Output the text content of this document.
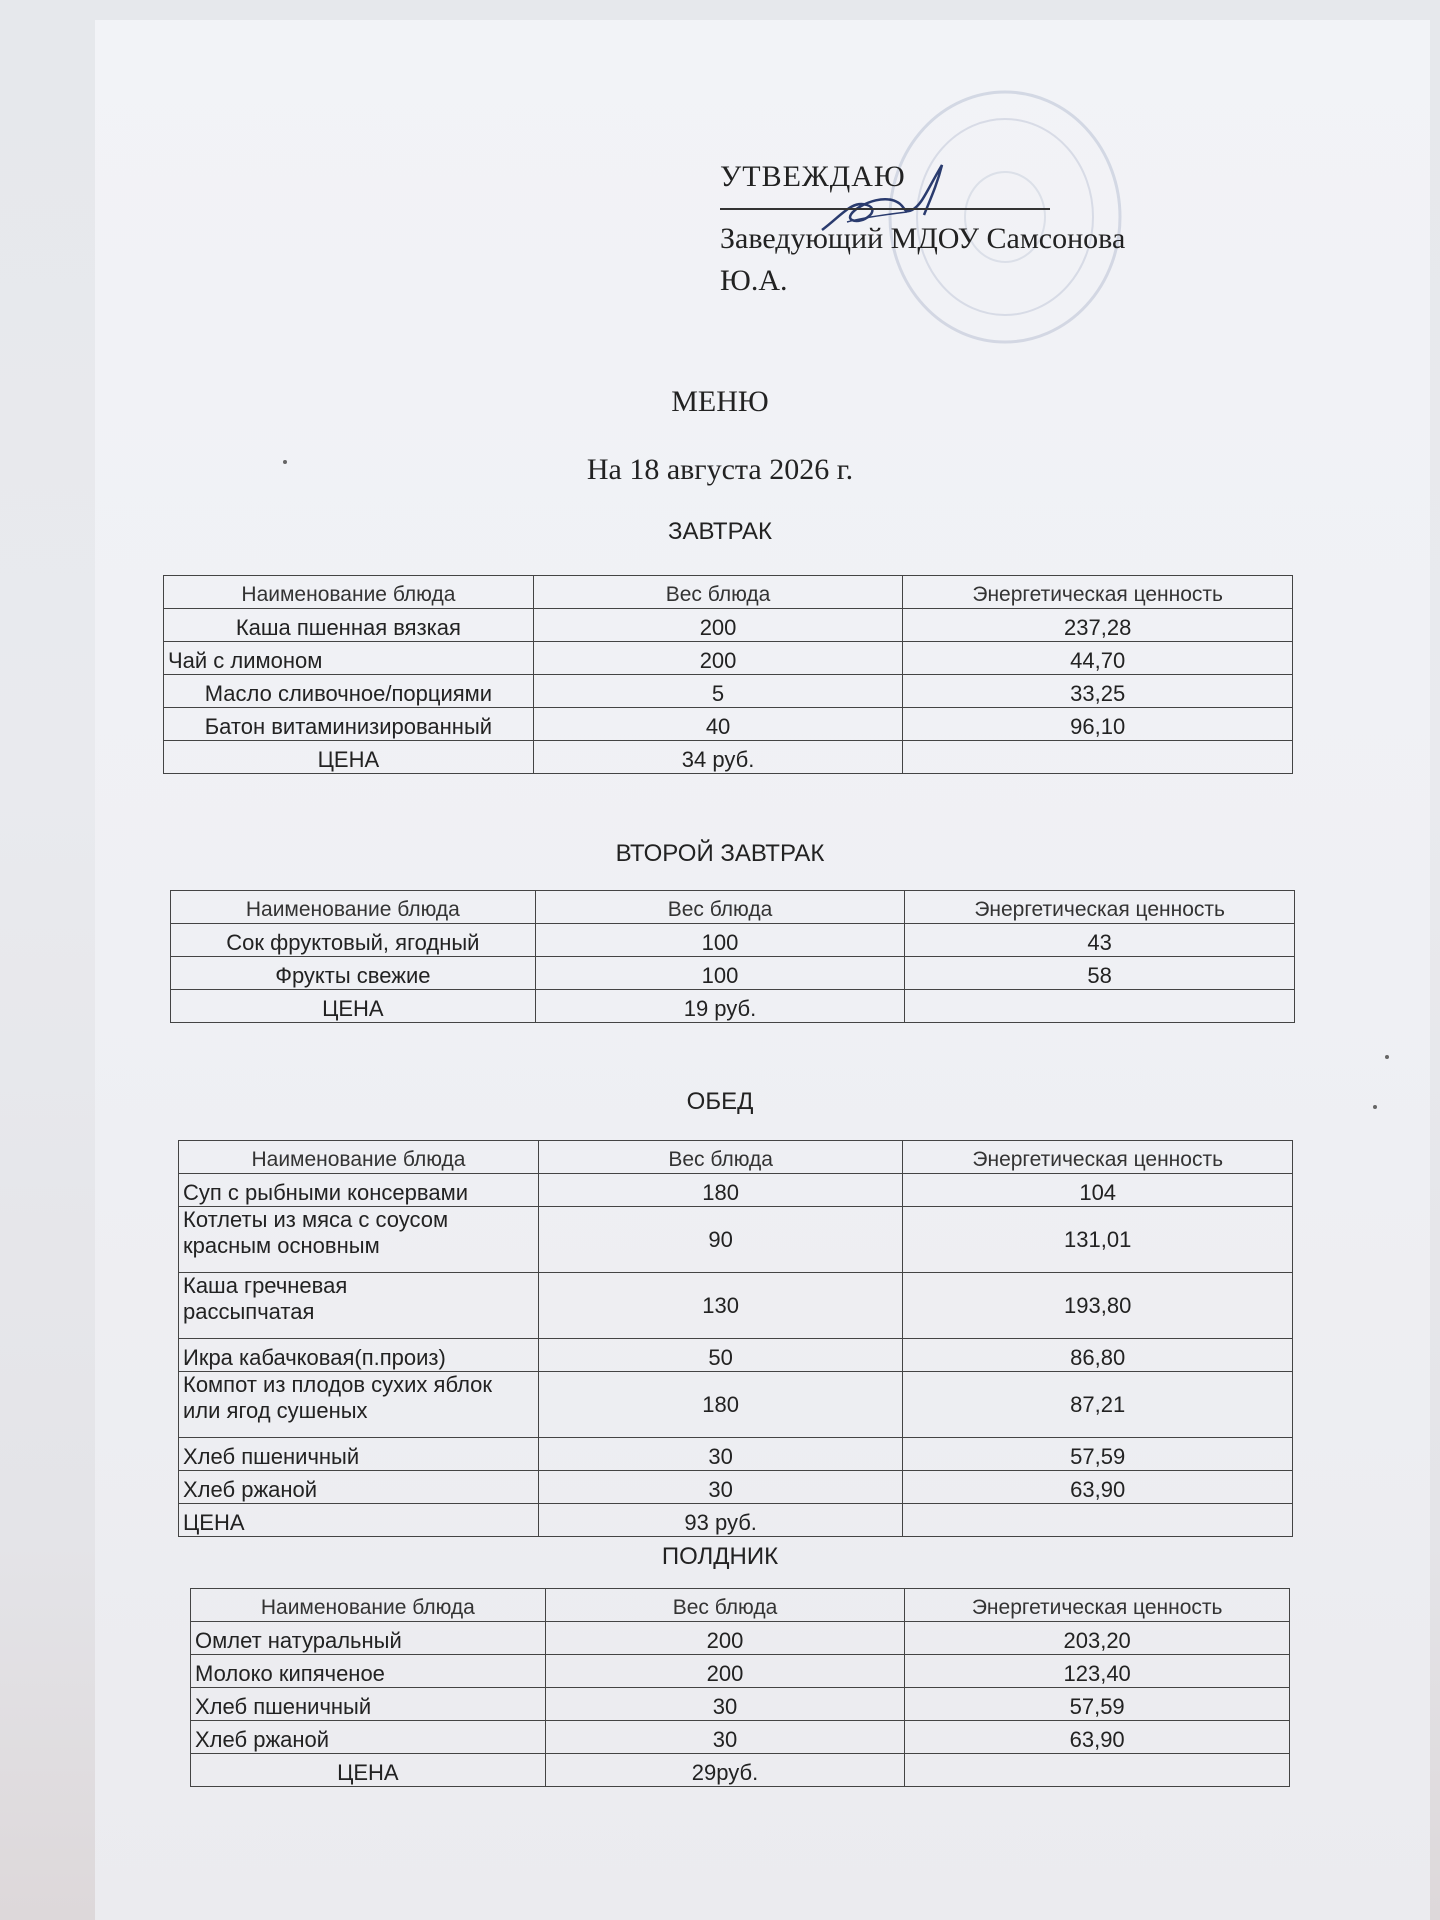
УТВЕЖДАЮ
Заведующий МДОУ Самсонова
Ю.А.
МЕНЮ
На 18 августа 2026 г.
ЗАВТРАК
Наименование блюда	Вес блюда	Энергетическая ценность
Каша пшенная вязкая	200	237,28
Чай с лимоном	200	44,70
Масло сливочное/порциями	5	33,25
Батон витаминизированный	40	96,10
ЦЕНА	34 руб.	
ВТОРОЙ ЗАВТРАК
Наименование блюда	Вес блюда	Энергетическая ценность
Сок фруктовый, ягодный	100	43
Фрукты свежие	100	58
ЦЕНА	19 руб.	
ОБЕД
Наименование блюда	Вес блюда	Энергетическая ценность
Суп с рыбными консервами	180	104
Котлеты из мяса с соусом красным основным	90	131,01
Каша гречневая рассыпчатая	130	193,80
Икра кабачковая(п.произ)	50	86,80
Компот из плодов сухих яблок или ягод сушеных	180	87,21
Хлеб пшеничный	30	57,59
Хлеб ржаной	30	63,90
ЦЕНА	93 руб.	
ПОЛДНИК
Наименование блюда	Вес блюда	Энергетическая ценность
Омлет натуральный	200	203,20
Молоко кипяченое	200	123,40
Хлеб пшеничный	30	57,59
Хлеб ржаной	30	63,90
ЦЕНА	29руб.	
